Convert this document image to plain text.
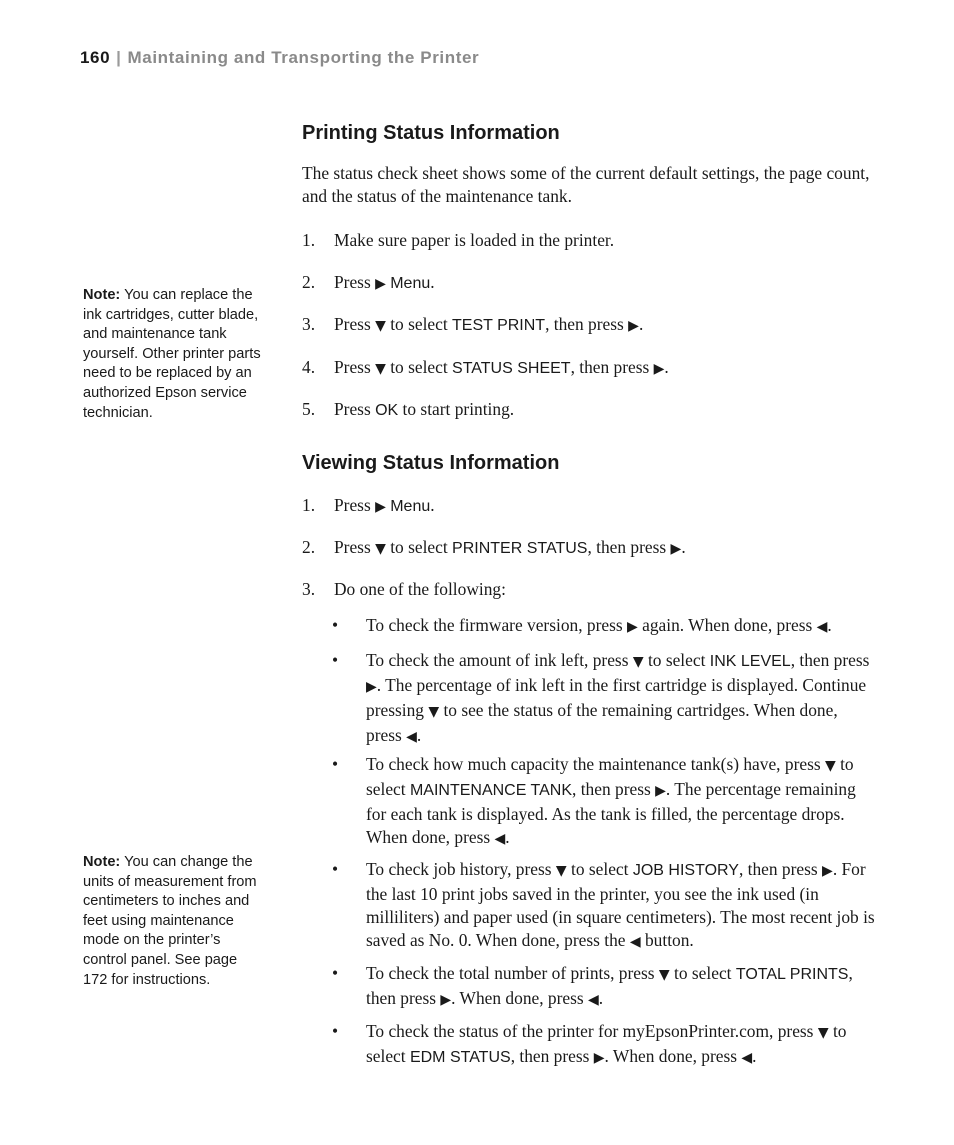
160 | Maintaining and Transporting the Printer
Note: You can replace the ink cartridges, cutter blade, and maintenance tank yourself. Other printer parts need to be replaced by an authorized Epson service technician.
Note: You can change the units of measurement from centimeters to inches and feet using maintenance mode on the printer’s control panel. See page 172 for instructions.
Printing Status Information
The status check sheet shows some of the current default settings, the page count, and the status of the maintenance tank.
1. Make sure paper is loaded in the printer.
2. Press ▶ Menu.
3. Press ▼ to select TEST PRINT, then press ▶.
4. Press ▼ to select STATUS SHEET, then press ▶.
5. Press OK to start printing.
Viewing Status Information
1. Press ▶ Menu.
2. Press ▼ to select PRINTER STATUS, then press ▶.
3. Do one of the following:
• To check the firmware version, press ▶ again. When done, press ◀.
• To check the amount of ink left, press ▼ to select INK LEVEL, then press ▶. The percentage of ink left in the first cartridge is displayed. Continue pressing ▼ to see the status of the remaining cartridges. When done, press ◀.
• To check how much capacity the maintenance tank(s) have, press ▼ to select MAINTENANCE TANK, then press ▶. The percentage remaining for each tank is displayed. As the tank is filled, the percentage drops. When done, press ◀.
• To check job history, press ▼ to select JOB HISTORY, then press ▶. For the last 10 print jobs saved in the printer, you see the ink used (in milliliters) and paper used (in square centimeters). The most recent job is saved as No. 0. When done, press the ◀ button.
• To check the total number of prints, press ▼ to select TOTAL PRINTS, then press ▶. When done, press ◀.
• To check the status of the printer for myEpsonPrinter.com, press ▼ to select EDM STATUS, then press ▶. When done, press ◀.
